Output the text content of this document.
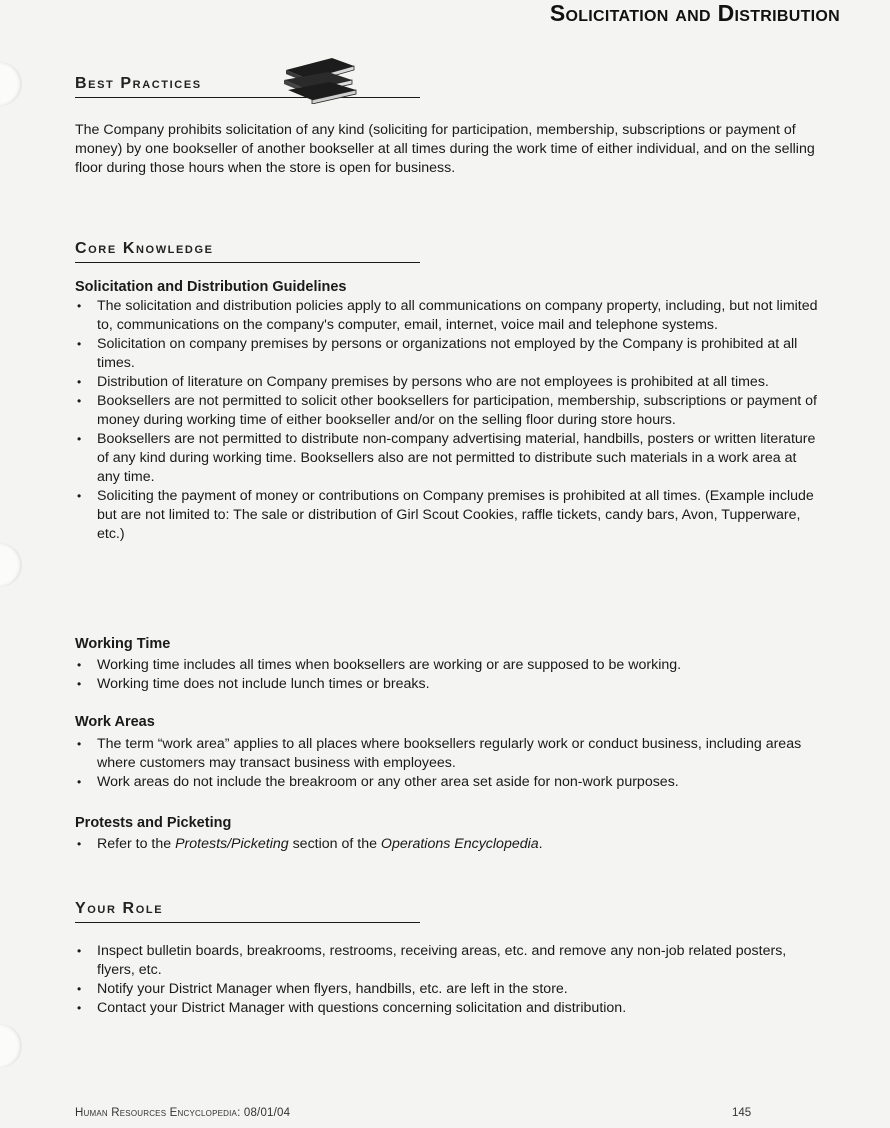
Solicitation and Distribution
Best Practices

The Company prohibits solicitation of any kind (soliciting for participation, membership, subscriptions or payment of money) by one bookseller of another bookseller at all times during the work time of either individual, and on the selling floor during those hours when the store is open for business.

Core Knowledge
Solicitation and Distribution Guidelines
• The solicitation and distribution policies apply to all communications on company property, including, but not limited to, communications on the company's computer, email, internet, voice mail and telephone systems.
• Solicitation on company premises by persons or organizations not employed by the Company is prohibited at all times.
• Distribution of literature on Company premises by persons who are not employees is prohibited at all times.
• Booksellers are not permitted to solicit other booksellers for participation, membership, subscriptions or payment of money during working time of either bookseller and/or on the selling floor during store hours.
• Booksellers are not permitted to distribute non-company advertising material, handbills, posters or written literature of any kind during working time. Booksellers also are not permitted to distribute such materials in a work area at any time.
• Soliciting the payment of money or contributions on Company premises is prohibited at all times. (Example include but are not limited to: The sale or distribution of Girl Scout Cookies, raffle tickets, candy bars, Avon, Tupperware, etc.)
Working Time
• Working time includes all times when booksellers are working or are supposed to be working.
• Working time does not include lunch times or breaks.
Work Areas
• The term “work area” applies to all places where booksellers regularly work or conduct business, including areas where customers may transact business with employees.
• Work areas do not include the breakroom or any other area set aside for non-work purposes.
Protests and Picketing
• Refer to the Protests/Picketing section of the Operations Encyclopedia.
Your Role
• Inspect bulletin boards, breakrooms, restrooms, receiving areas, etc. and remove any non-job related posters, flyers, etc.
• Notify your District Manager when flyers, handbills, etc. are left in the store.
• Contact your District Manager with questions concerning solicitation and distribution.
Human Resources Encyclopedia: 08/01/04	145
